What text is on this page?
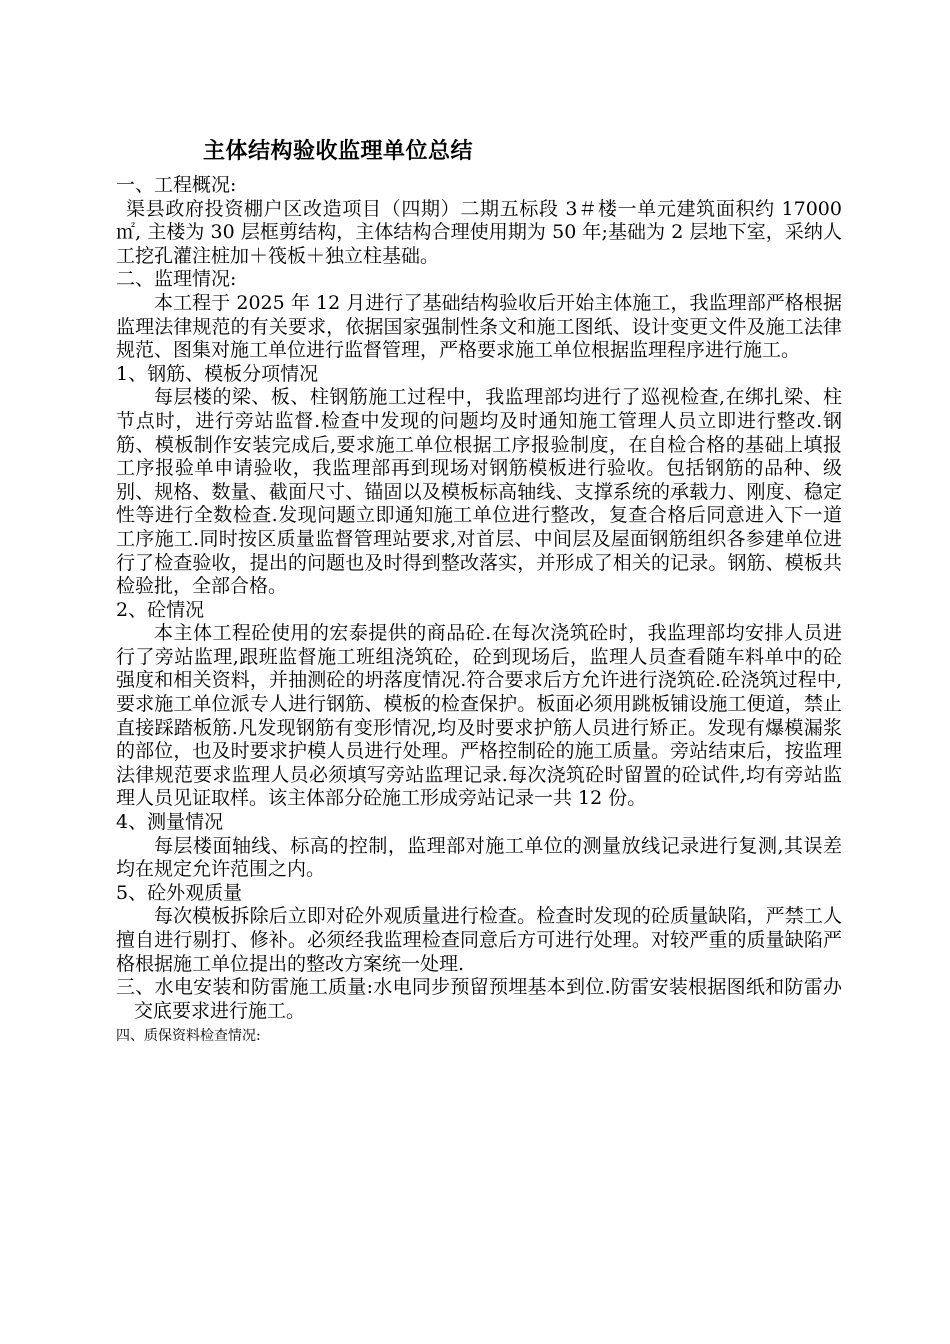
主体结构验收监理单位总结
一、工程概况:
渠县政府投资棚户区改造项目（四期）二期五标段 3＃楼一单元建筑面积约 17000㎡, 主楼为 30 层框剪结构，主体结构合理使用期为 50 年;基础为 2 层地下室，采纳人工挖孔灌注桩加＋筏板＋独立柱基础。
二、监理情况:
本工程于 2025 年 12 月进行了基础结构验收后开始主体施工，我监理部严格根据监理法律规范的有关要求，依据国家强制性条文和施工图纸、设计变更文件及施工法律规范、图集对施工单位进行监督管理，严格要求施工单位根据监理程序进行施工。
1、钢筋、模板分项情况
每层楼的梁、板、柱钢筋施工过程中，我监理部均进行了巡视检查,在绑扎梁、柱节点时，进行旁站监督.检查中发现的问题均及时通知施工管理人员立即进行整改.钢筋、模板制作安装完成后,要求施工单位根据工序报验制度，在自检合格的基础上填报工序报验单申请验收，我监理部再到现场对钢筋模板进行验收。包括钢筋的品种、级别、规格、数量、截面尺寸、锚固以及模板标高轴线、支撑系统的承载力、刚度、稳定性等进行全数检查.发现问题立即通知施工单位进行整改，复查合格后同意进入下一道工序施工.同时按区质量监督管理站要求,对首层、中间层及屋面钢筋组织各参建单位进行了检查验收，提出的问题也及时得到整改落实，并形成了相关的记录。钢筋、模板共检验批，全部合格。
2、砼情况
本主体工程砼使用的宏泰提供的商品砼.在每次浇筑砼时，我监理部均安排人员进行了旁站监理,跟班监督施工班组浇筑砼，砼到现场后，监理人员查看随车料单中的砼强度和相关资料，并抽测砼的坍落度情况.符合要求后方允许进行浇筑砼.砼浇筑过程中,要求施工单位派专人进行钢筋、模板的检查保护。板面必须用跳板铺设施工便道，禁止直接踩踏板筋.凡发现钢筋有变形情况,均及时要求护筋人员进行矫正。发现有爆模漏浆的部位，也及时要求护模人员进行处理。严格控制砼的施工质量。旁站结束后，按监理法律规范要求监理人员必须填写旁站监理记录.每次浇筑砼时留置的砼试件,均有旁站监理人员见证取样。该主体部分砼施工形成旁站记录一共 12 份。
4、测量情况
每层楼面轴线、标高的控制，监理部对施工单位的测量放线记录进行复测,其误差均在规定允许范围之内。
5、砼外观质量
每次模板拆除后立即对砼外观质量进行检查。检查时发现的砼质量缺陷，严禁工人擅自进行剔打、修补。必须经我监理检查同意后方可进行处理。对较严重的质量缺陷严格根据施工单位提出的整改方案统一处理.
三、水电安装和防雷施工质量:水电同步预留预埋基本到位.防雷安装根据图纸和防雷办交底要求进行施工。
四、质保资料检查情况:
